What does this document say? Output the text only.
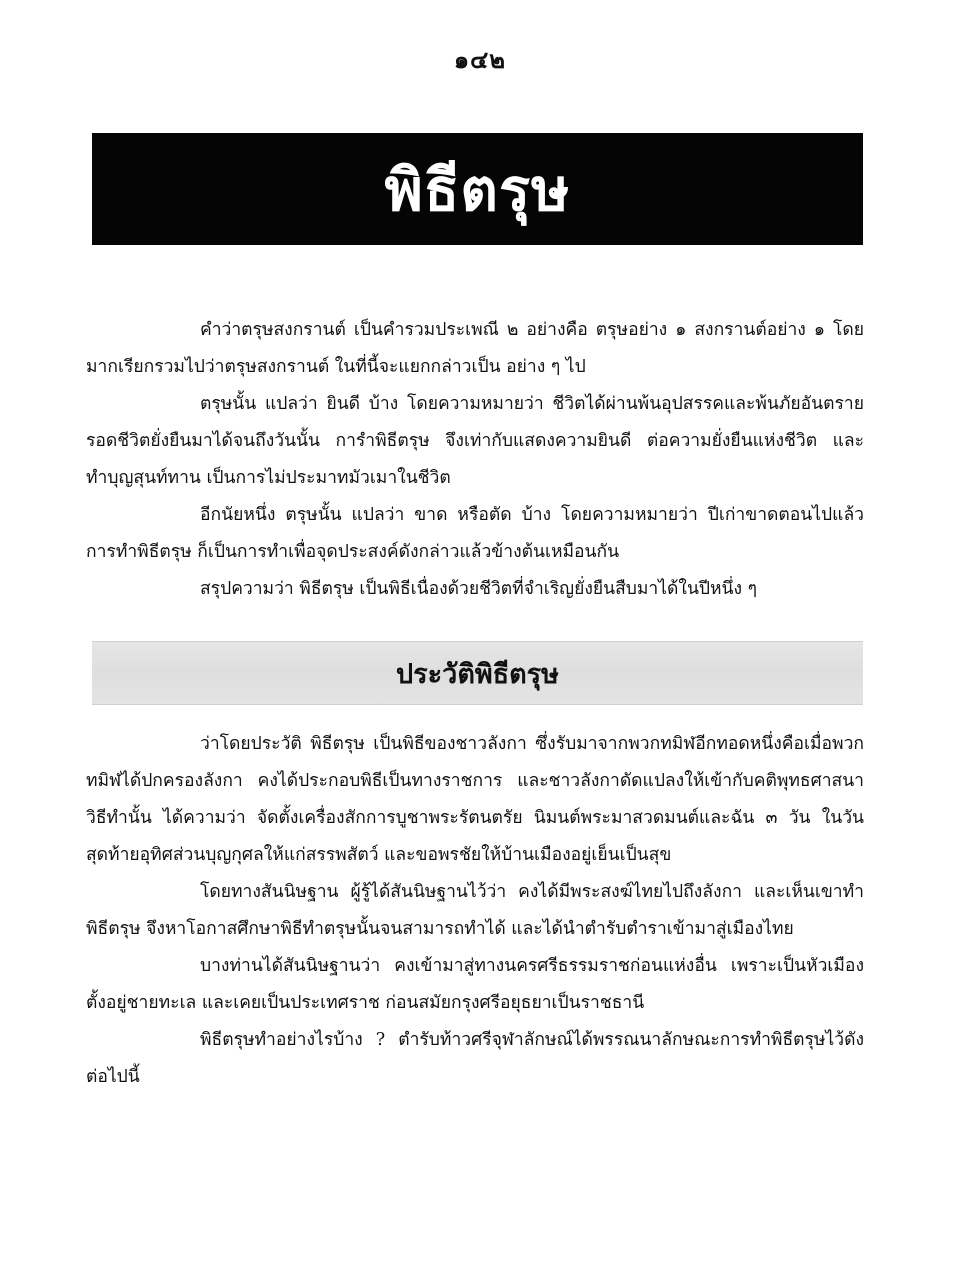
๑๔๒
พิธีตรุษ

คำว่าตรุษสงกรานต์ เป็นคำรวมประเพณี ๒ อย่างคือ ตรุษอย่าง ๑ สงกรานต์อย่าง ๑ โดยมากเรียกรวมไปว่าตรุษสงกรานต์ ในที่นี้จะแยกกล่าวเป็น อย่าง ๆ ไป

ตรุษนั้น แปลว่า ยินดี บ้าง โดยความหมายว่า ชีวิตได้ผ่านพ้นอุปสรรคและพ้นภัยอันตรายรอดชีวิตยั่งยืนมาได้จนถึงวันนั้น การำพิธีตรุษ จึงเท่ากับแสดงความยินดี ต่อความยั่งยืนแห่งชีวิต และทำบุญสุนท์ทาน เป็นการไม่ประมาทมัวเมาในชีวิต

อีกนัยหนึ่ง ตรุษนั้น แปลว่า ขาด หรือตัด บ้าง โดยความหมายว่า ปีเก่าขาดตอนไปแล้ว การทำพิธีตรุษ ก็เป็นการทำเพื่อจุดประสงค์ดังกล่าวแล้วข้างต้นเหมือนกัน

สรุปความว่า พิธีตรุษ เป็นพิธีเนื่องด้วยชีวิตที่จำเริญยั่งยืนสืบมาได้ในปีหนึ่ง ๆ

ประวัติพิธีตรุษ

ว่าโดยประวัติ พิธีตรุษ เป็นพิธีของชาวลังกา ซึ่งรับมาจากพวกทมิฬอีกทอดหนึ่งคือเมื่อพวกทมิฬได้ปกครองลังกา คงได้ประกอบพิธีเป็นทางราชการ และชาวลังกาดัดแปลงให้เข้ากับคติพุทธศาสนา วิธีทำนั้น ได้ความว่า จัดตั้งเครื่องสักการบูชาพระรัตนตรัย นิมนต์พระมาสวดมนต์และฉัน ๓ วัน ในวันสุดท้ายอุทิศส่วนบุญกุศลให้แก่สรรพสัตว์ และขอพรชัยให้บ้านเมืองอยู่เย็นเป็นสุข

โดยทางสันนิษฐาน ผู้รู้ได้สันนิษฐานไว้ว่า คงได้มีพระสงฆ์ไทยไปถึงลังกา และเห็นเขาทำพิธีตรุษ จึงหาโอกาสศึกษาพิธีทำตรุษนั้นจนสามารถทำได้ และได้นำตำรับตำราเข้ามาสู่เมืองไทย

บางท่านได้สันนิษฐานว่า คงเข้ามาสู่ทางนครศรีธรรมราชก่อนแห่งอื่น เพราะเป็นหัวเมืองตั้งอยู่ชายทะเล และเคยเป็นประเทศราช ก่อนสมัยกรุงศรีอยุธยาเป็นราชธานี

พิธีตรุษทำอย่างไรบ้าง ? ตำรับท้าวศรีจุฬาลักษณ์ได้พรรณนาลักษณะการทำพิธีตรุษไว้ดังต่อไปนี้
